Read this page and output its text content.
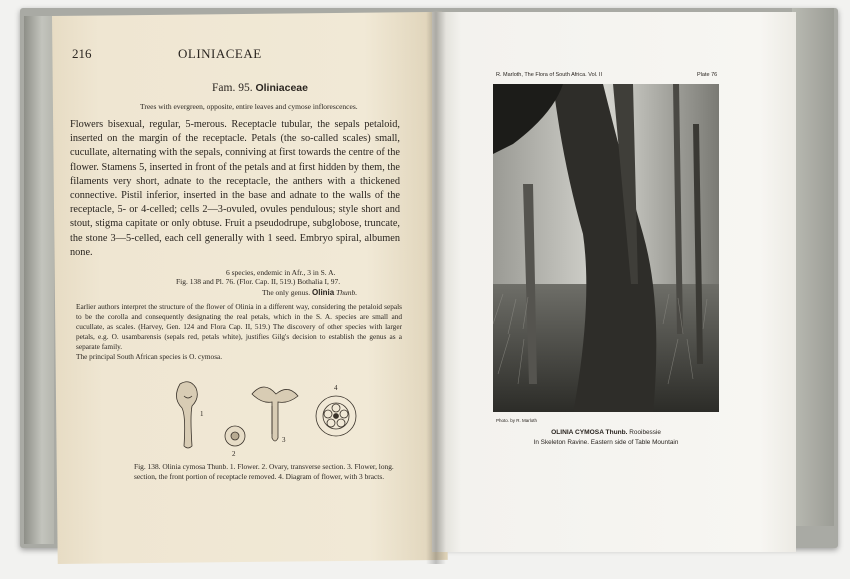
216	OLINIACEAE
Fam. 95. Oliniaceae
Trees with evergreen, opposite, entire leaves and cymose inflorescences.
Flowers bisexual, regular, 5-merous. Receptacle tubular, the sepals petaloid, inserted on the margin of the receptacle. Petals (the so-called scales) small, cucullate, alternating with the sepals, conniving at first towards the centre of the flower. Stamens 5, inserted in front of the petals and at first hidden by them, the filaments very short, adnate to the receptacle, the anthers with a thickened connective. Pistil inferior, inserted in the base and adnate to the walls of the receptacle, 5- or 4-celled; cells 2—3-ovuled, ovules pendulous; style short and stout, stigma capitate or only obtuse. Fruit a pseudodrupe, subglobose, truncate, the stone 3—5-celled, each cell generally with 1 seed. Embryo spiral, albumen none.
6 species, endemic in Afr., 3 in S. A.
Fig. 138 and Pl. 76. (Flor. Cap. II, 519.) Bothalia I, 97.
The only genus. Olinia Thunb.
Earlier authors interpret the structure of the flower of Olinia in a different way, considering the petaloid sepals to be the corolla and consequently designating the real petals, which in the S. A. species are small and cucullate, as scales. (Harvey, Gen. 124 and Flora Cap. II, 519.) The discovery of other species with larger petals, e.g. O. usambarensis (sepals red, petals white), justifies Gilg's decision to establish the genus as a separate family.
The principal South African species is O. cymosa.
1
2
3
4
Fig. 138. Olinia cymosa Thunb. 1. Flower. 2. Ovary, transverse section. 3. Flower, long. section, the front portion of receptacle removed. 4. Diagram of flower, with 3 bracts.
R. Marloth, The Flora of South Africa. Vol. II	Plate 76
Photo. by R. Marloth
OLINIA CYMOSA Thunb. Rooibessie
In Skeleton Ravine. Eastern side of Table Mountain
